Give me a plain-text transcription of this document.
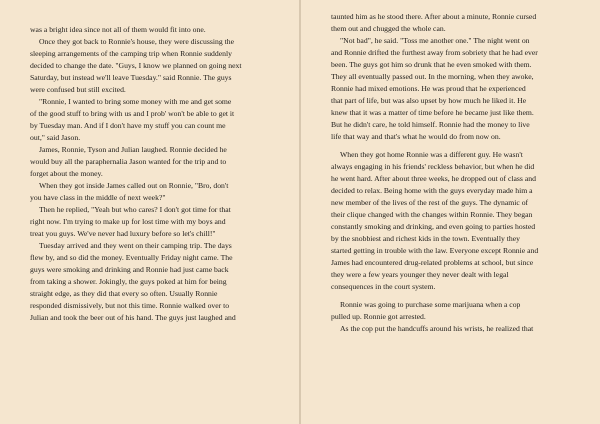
was a bright idea since not all of them would fit into one.

Once they got back to Ronnie's house, they were discussing the

sleeping arrangements of the camping trip when Ronnie suddenly

decided to change the date. "Guys, I know we planned on going next

Saturday, but instead we'll leave Tuesday." said Ronnie. The guys

were confused but still excited.

"Ronnie, I wanted to bring some money with me and get some

of the good stuff to bring with us and I prob' won't be able to get it

by Tuesday man. And if I don't have my stuff you can count me

out," said Jason.

James, Ronnie, Tyson and Julian laughed. Ronnie decided he

would buy all the paraphernalia Jason wanted for the trip and to

forget about the money.

When they got inside James called out on Ronnie, "Bro, don't

you have class in the middle of next week?"

Then he replied, "Yeah but who cares? I don't got time for that

right now. I'm trying to make up for lost time with my boys and

treat you guys. We've never had luxury before so let's chill!"

Tuesday arrived and they went on their camping trip. The days

flew by, and so did the money. Eventually Friday night came. The

guys were smoking and drinking and Ronnie had just came back

from taking a shower. Jokingly, the guys poked at him for being

straight edge, as they did that every so often. Usually Ronnie

responded dismissively, but not this time. Ronnie walked over to

Julian and took the beer out of his hand. The guys just laughed and

taunted him as he stood there. After about a minute, Ronnie cursed

them out and chugged the whole can.

"Not bad", he said. "Toss me another one." The night went on

and Ronnie drifted the furthest away from sobriety that he had ever

been. The guys got him so drunk that he even smoked with them.

They all eventually passed out. In the morning, when they awoke,

Ronnie had mixed emotions. He was proud that he experienced

that part of life, but was also upset by how much he liked it. He

knew that it was a matter of time before he became just like them.

But he didn't care, he told himself. Ronnie had the money to live

life that way and that's what he would do from now on.

When they got home Ronnie was a different guy. He wasn't

always engaging in his friends' reckless behavior, but when he did

he went hard. After about three weeks, he dropped out of class and

decided to relax. Being home with the guys everyday made him a

new member of the lives of the rest of the guys. The dynamic of

their clique changed with the changes within Ronnie. They began

constantly smoking and drinking, and even going to parties hosted

by the snobbiest and richest kids in the town. Eventually they

started getting in trouble with the law. Everyone except Ronnie and

James had encountered drug-related problems at school, but since

they were a few years younger they never dealt with legal

consequences in the court system.

Ronnie was going to purchase some marijuana when a cop

pulled up. Ronnie got arrested.

As the cop put the handcuffs around his wrists, he realized that
